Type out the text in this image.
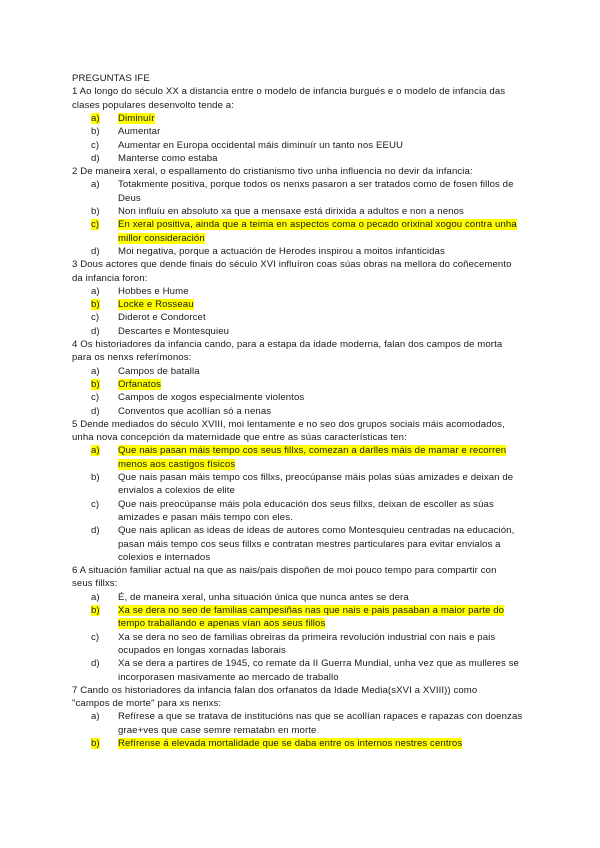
PREGUNTAS IFE
1 Ao longo do século XX a distancia entre o modelo de infancia burgués e o modelo de infancia das
clases populares desenvolto tende a:
a) Diminuír
b) Aumentar
c) Aumentar en Europa occidental máis diminuír un tanto nos EEUU
d) Manterse como estaba
2 De maneira xeral, o espallamento do cristianismo tivo unha influencia no devir da infancia:
a) Totakmente positiva, porque todos os nenxs pasaron a ser tratados como de fosen fillos de
Deus
b) Non influíu en absoluto xa que a mensaxe está dirixida a adultos e non a nenos
c) En xeral positiva, ainda que a teima en aspectos coma o pecado orixinal xogou contra unha
millor consideración
d) Moi negativa, porque a actuación de Herodes inspirou a moitos infanticidas
3 Dous actores que dende finais do século XVI influíron coas súas obras na mellora do coñecemento
da infancia foron:
a) Hobbes e Hume
b) Locke e Rosseau
c) Diderot e Condorcet
d) Descartes e Montesquieu
4 Os historiadores da infancia cando, para a estapa da idade moderna, falan dos campos de morta
para os nenxs referímonos:
a) Campos de batalla
b) Orfanatos
c) Campos de xogos especialmente violentos
d) Conventos que acollían só a nenas
5 Dende mediados do século XVIII, moi lentamente e no seo dos grupos sociais máis acomodados,
unha nova concepción da maternidade que entre as súas características ten:
a) Que nais pasan máis tempo cos seus fillxs, comezan a darlles máis de mamar e recorren
menos aos castigos físicos
b) Que nais pasan máis tempo cos fillxs, preocúpanse máis polas súas amizades e deixan de
envialos a colexios de elite
c) Que nais preocúpanse máis pola educación dos seus fillxs, deixan de escoller as súas
amizades e pasan máis tempo con eles.
d) Que nais aplican as ideas de ideas de autores como Montesquieu centradas na educación,
pasan máis tempo cos seus fillxs e contratan mestres particulares para evitar envialos a
colexios e internados
6 A situación familiar actual na que as nais/pais dispoñen de moi pouco tempo para compartir con
seus fillxs:
a) É, de maneira xeral, unha situación única que nunca antes se dera
b) Xa se dera no seo de familias campesiñas nas que nais e pais pasaban a maior parte do
tempo traballando e apenas vían aos seus fillos
c) Xa se dera no seo de familias obreiras da primeira revolución industrial con nais e pais
ocupados en longas xornadas laborais
d) Xa se dera a partires de 1945, co remate da II Guerra Mundial, unha vez que as mulleres se
incorporasen masivamente ao mercado de traballo
7 Cando os historiadores da infancia falan dos orfanatos da Idade Media(sXVI a XVIII)) como
"campos de morte" para xs nenxs:
a) Refírese a que se tratava de institucións nas que se acollían rapaces e rapazas con doenzas
grae+ves que case semre rematabn en morte
b) Refírense á elevada mortalidade que se daba entre os internos nestres centros
